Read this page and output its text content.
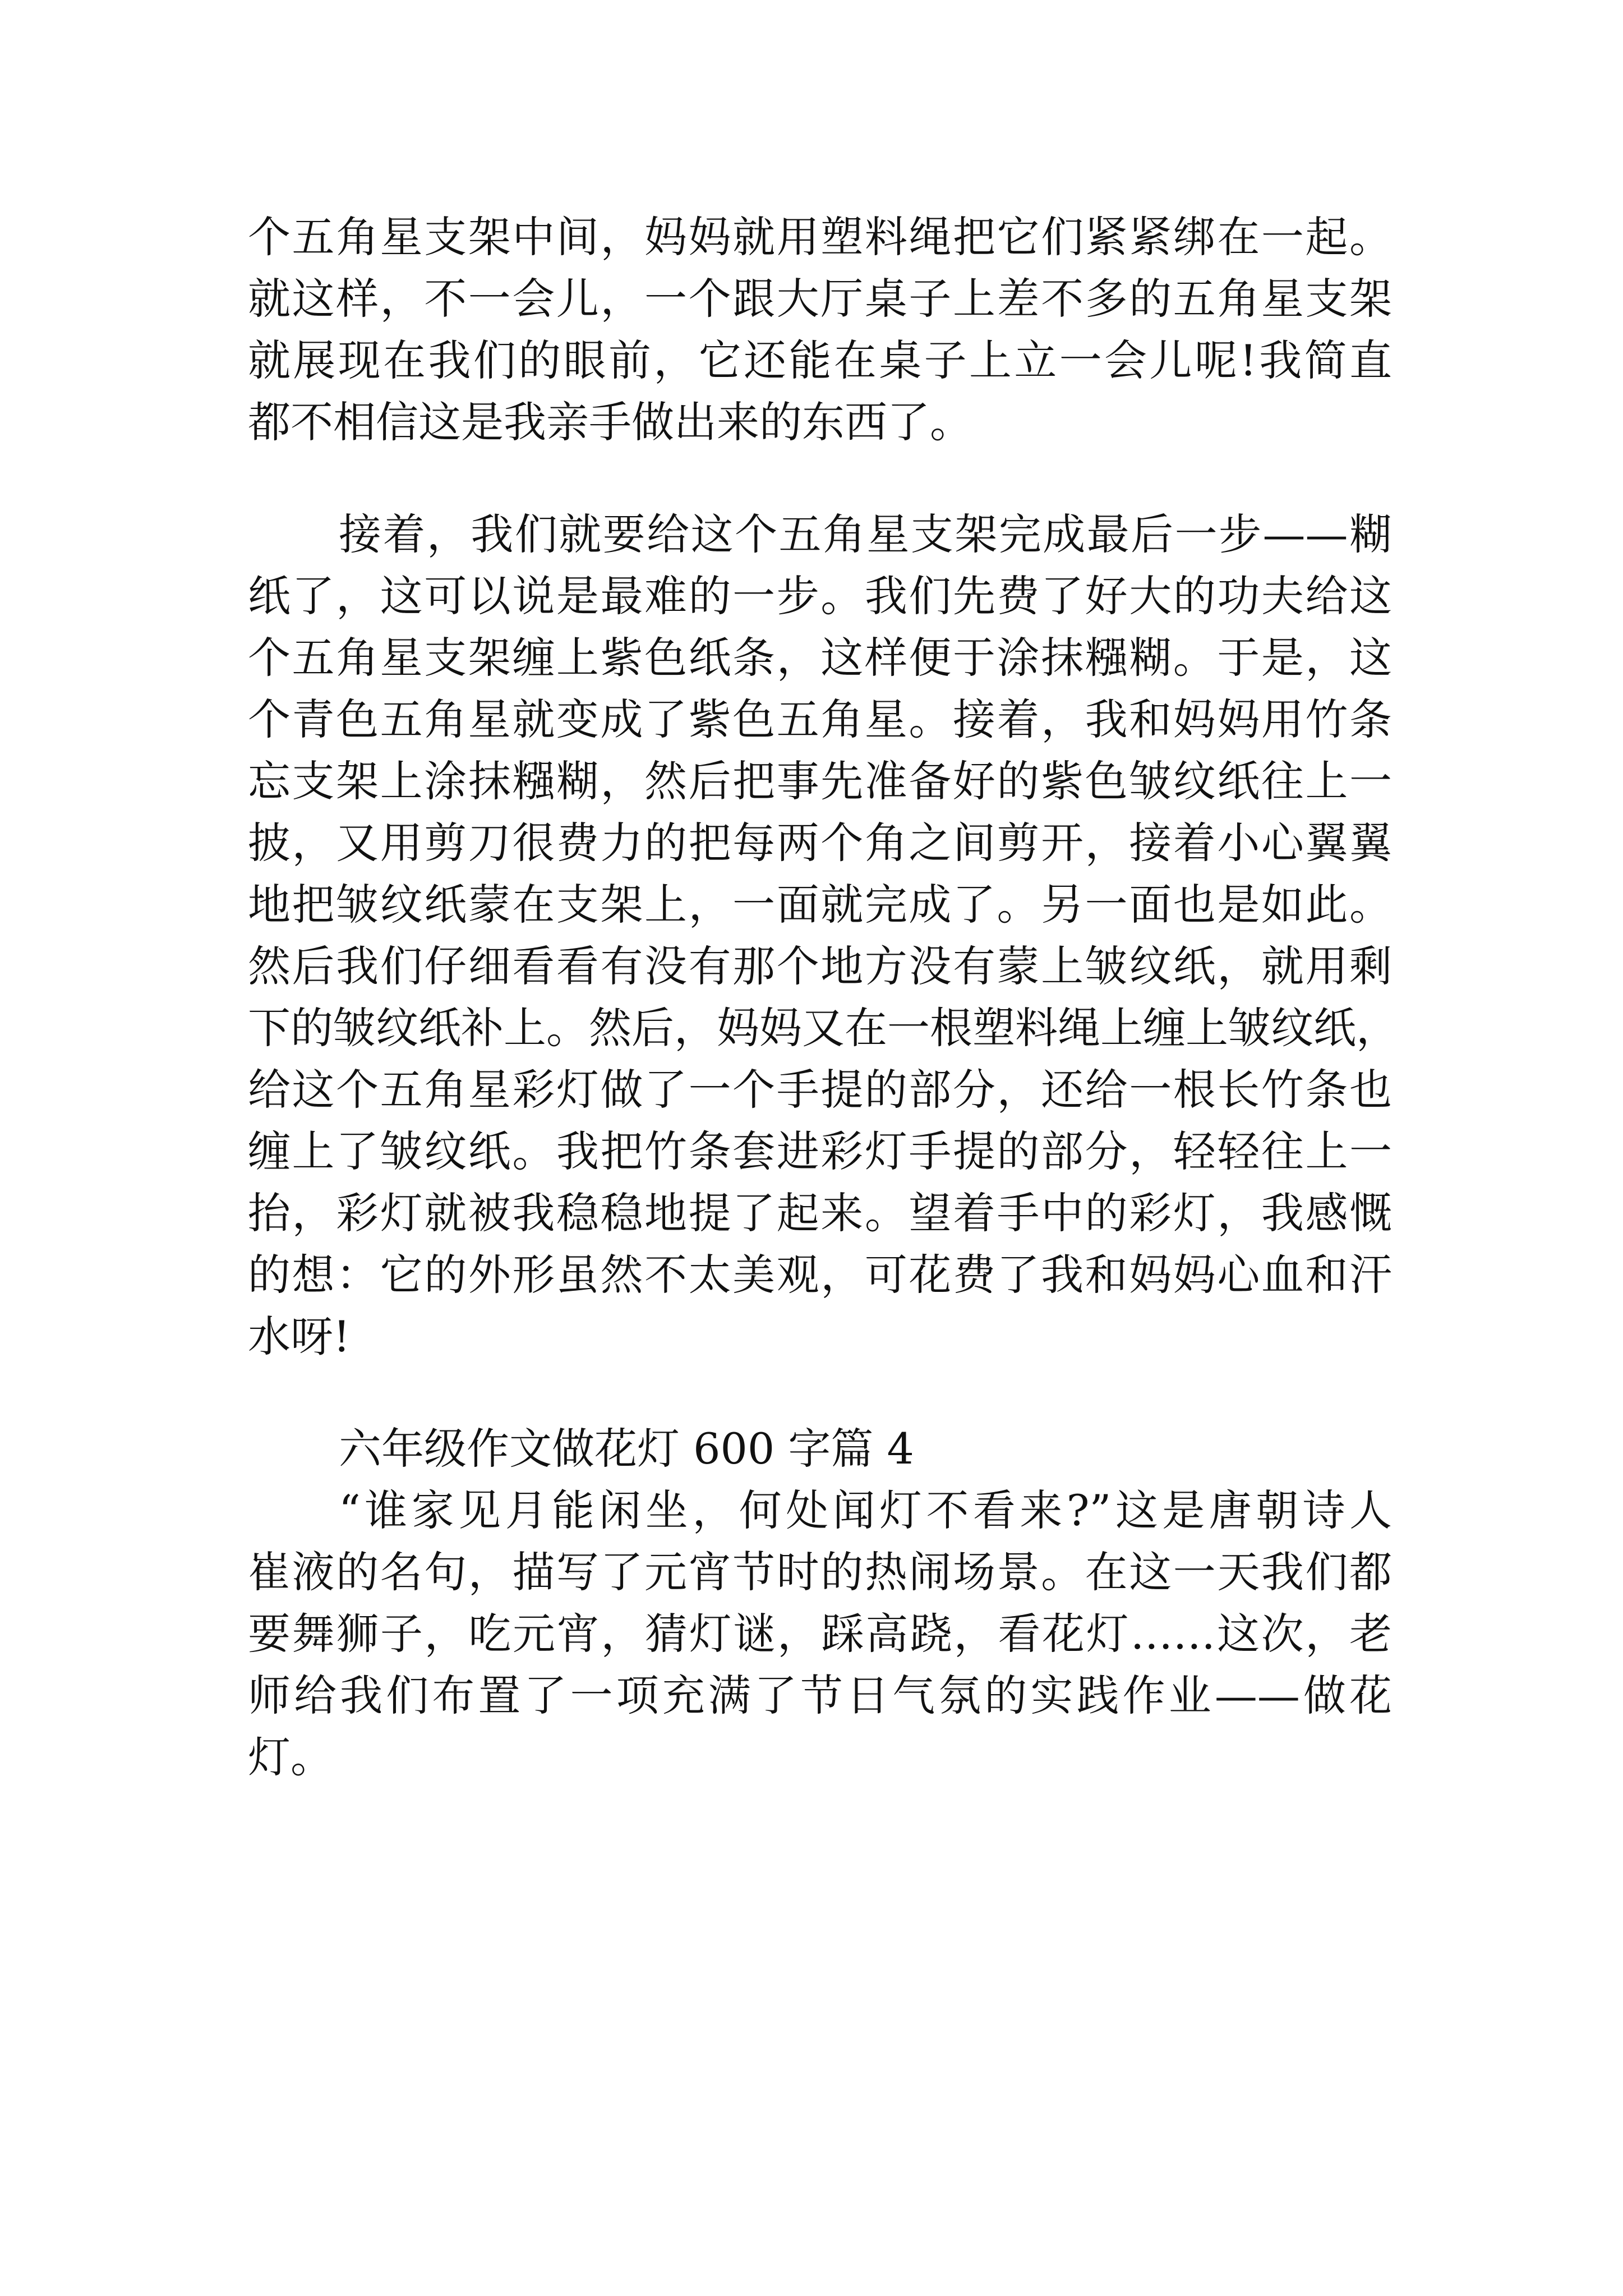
个五角星支架中间，妈妈就用塑料绳把它们紧紧绑在一起。
就这样，不一会儿，一个跟大厅桌子上差不多的五角星支架
就展现在我们的眼前，它还能在桌子上立一会儿呢!我简直
都不相信这是我亲手做出来的东西了。
接着，我们就要给这个五角星支架完成最后一步——糊
纸了，这可以说是最难的一步。我们先费了好大的功夫给这
个五角星支架缠上紫色纸条，这样便于涂抹糨糊。于是，这
个青色五角星就变成了紫色五角星。接着，我和妈妈用竹条
忘支架上涂抹糨糊，然后把事先准备好的紫色皱纹纸往上一
披，又用剪刀很费力的把每两个角之间剪开，接着小心翼翼
地把皱纹纸蒙在支架上，一面就完成了。另一面也是如此。
然后我们仔细看看有没有那个地方没有蒙上皱纹纸，就用剩
下的皱纹纸补上。然后，妈妈又在一根塑料绳上缠上皱纹纸，
给这个五角星彩灯做了一个手提的部分，还给一根长竹条也
缠上了皱纹纸。我把竹条套进彩灯手提的部分，轻轻往上一
抬，彩灯就被我稳稳地提了起来。望着手中的彩灯，我感慨
的想：它的外形虽然不太美观，可花费了我和妈妈心血和汗
水呀!
六年级作文做花灯 600 字篇 4
“谁家见月能闲坐，何处闻灯不看来?”这是唐朝诗人
崔液的名句，描写了元宵节时的热闹场景。在这一天我们都
要舞狮子，吃元宵，猜灯谜，踩高跷，看花灯……这次，老
师给我们布置了一项充满了节日气氛的实践作业——做花
灯。
